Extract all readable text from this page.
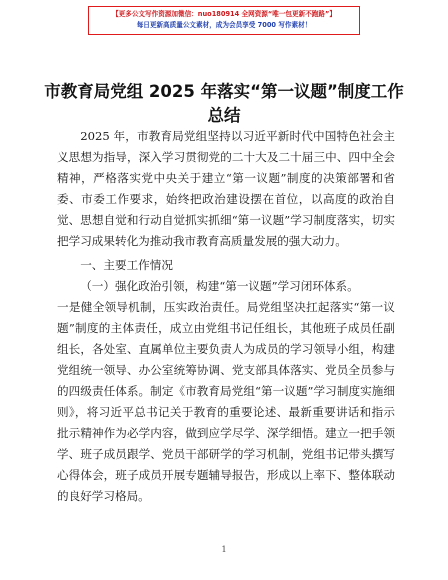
【更多公文写作资源加微信：nuo180914 全网资源“唯一包更新不跑路”】
每日更新高质量公文素材，成为会员享受 7000 写作素材！
市教育局党组 2025 年落实“第一议题”制度工作总结

2025 年，市教育局党组坚持以习近平新时代中国特色社会主义思想为指导，深入学习贯彻党的二十大及二十届三中、四中全会精神，严格落实党中央关于建立“第一议题”制度的决策部署和省委、市委工作要求，始终把政治建设摆在首位，以高度的政治自觉、思想自觉和行动自觉抓实抓细“第一议题”学习制度落实，切实把学习成果转化为推动我市教育高质量发展的强大动力。

一、主要工作情况

（一）强化政治引领，构建“第一议题”学习闭环体系。

一是健全领导机制，压实政治责任。局党组坚决扛起落实“第一议题”制度的主体责任，成立由党组书记任组长，其他班子成员任副组长，各处室、直属单位主要负责人为成员的学习领导小组，构建党组统一领导、办公室统筹协调、党支部具体落实、党员全员参与的四级责任体系。制定《市教育局党组“第一议题”学习制度实施细则》，将习近平总书记关于教育的重要论述、最新重要讲话和指示批示精神作为必学内容，做到应学尽学、深学细悟。建立一把手领学、班子成员跟学、党员干部研学的学习机制，党组书记带头撰写心得体会，班子成员开展专题辅导报告，形成以上率下、整体联动的良好学习格局。

1
